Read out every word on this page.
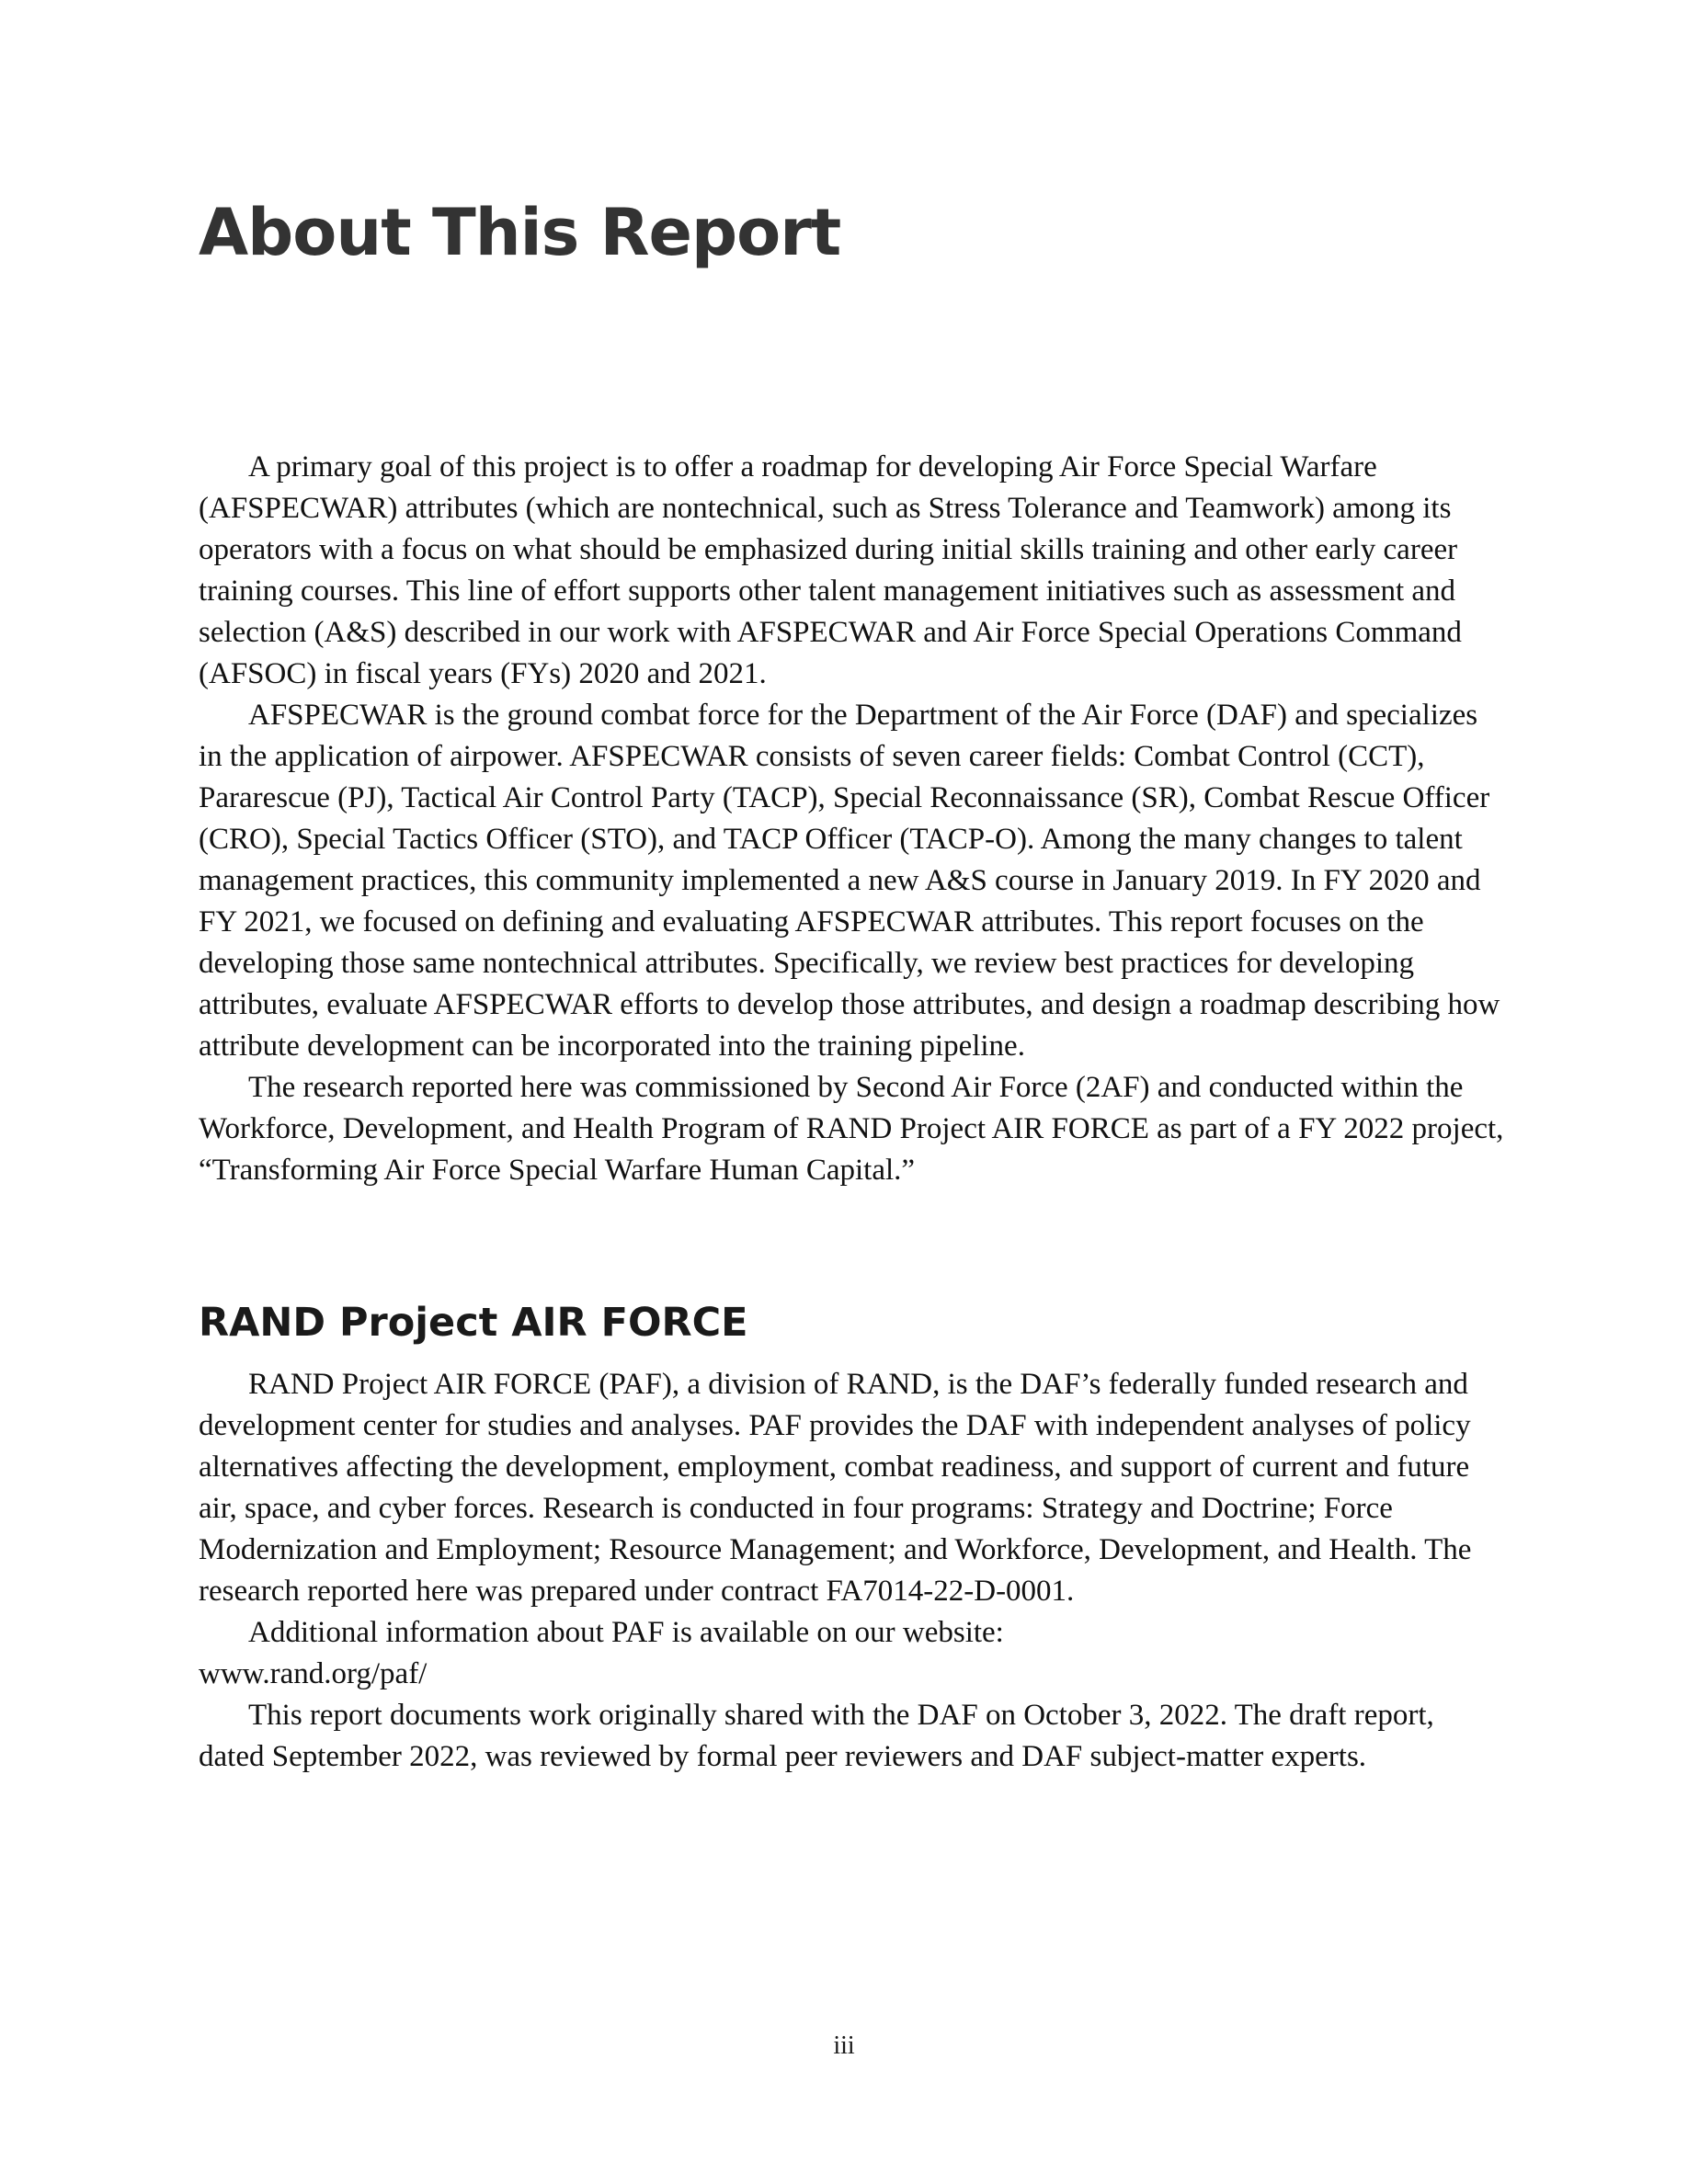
About This Report

A primary goal of this project is to offer a roadmap for developing Air Force Special Warfare (AFSPECWAR) attributes (which are nontechnical, such as Stress Tolerance and Teamwork) among its operators with a focus on what should be emphasized during initial skills training and other early career training courses. This line of effort supports other talent management initiatives such as assessment and selection (A&S) described in our work with AFSPECWAR and Air Force Special Operations Command (AFSOC) in fiscal years (FYs) 2020 and 2021.

AFSPECWAR is the ground combat force for the Department of the Air Force (DAF) and specializes in the application of airpower. AFSPECWAR consists of seven career fields: Combat Control (CCT), Pararescue (PJ), Tactical Air Control Party (TACP), Special Reconnaissance (SR), Combat Rescue Officer (CRO), Special Tactics Officer (STO), and TACP Officer (TACP-O). Among the many changes to talent management practices, this community implemented a new A&S course in January 2019. In FY 2020 and FY 2021, we focused on defining and evaluating AFSPECWAR attributes. This report focuses on the developing those same nontechnical attributes. Specifically, we review best practices for developing attributes, evaluate AFSPECWAR efforts to develop those attributes, and design a roadmap describing how attribute development can be incorporated into the training pipeline.

The research reported here was commissioned by Second Air Force (2AF) and conducted within the Workforce, Development, and Health Program of RAND Project AIR FORCE as part of a FY 2022 project, “Transforming Air Force Special Warfare Human Capital.”

RAND Project AIR FORCE

RAND Project AIR FORCE (PAF), a division of RAND, is the DAF’s federally funded research and development center for studies and analyses. PAF provides the DAF with independent analyses of policy alternatives affecting the development, employment, combat readiness, and support of current and future air, space, and cyber forces. Research is conducted in four programs: Strategy and Doctrine; Force Modernization and Employment; Resource Management; and Workforce, Development, and Health. The research reported here was prepared under contract FA7014-22-D-0001.

Additional information about PAF is available on our website:

www.rand.org/paf/

This report documents work originally shared with the DAF on October 3, 2022. The draft report, dated September 2022, was reviewed by formal peer reviewers and DAF subject-matter experts.

iii
